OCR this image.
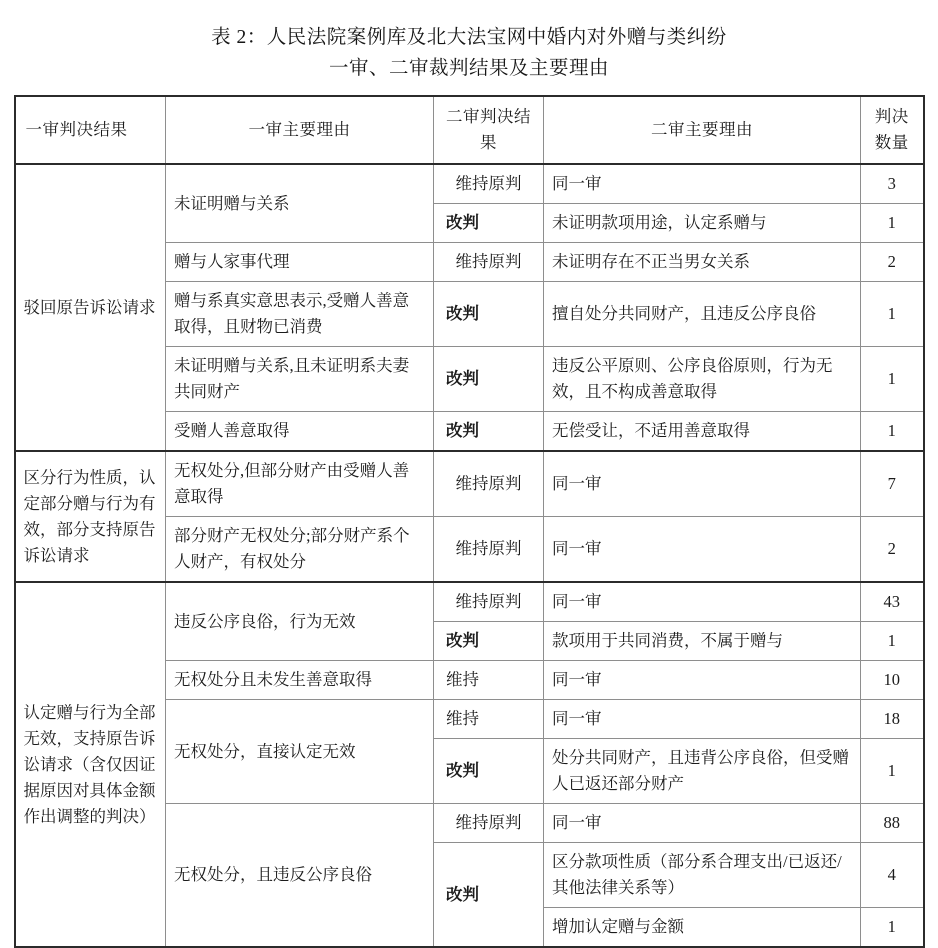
表 2：人民法院案例库及北大法宝网中婚内对外赠与类纠纷
一审、二审裁判结果及主要理由
一审判决结果	一审主要理由	二审判决结果	二审主要理由	判决数量
驳回原告诉讼请求	未证明赠与关系	维持原判	同一审	3
		改判	未证明款项用途，认定系赠与	1
	赠与人家事代理	维持原判	未证明存在不正当男女关系	2
	赠与系真实意思表示,受赠人善意取得，且财物已消费	改判	擅自处分共同财产，且违反公序良俗	1
	未证明赠与关系,且未证明系夫妻共同财产	改判	违反公平原则、公序良俗原则，行为无效，且不构成善意取得	1
	受赠人善意取得	改判	无偿受让，不适用善意取得	1
区分行为性质，认定部分赠与行为有效，部分支持原告诉讼请求	无权处分,但部分财产由受赠人善意取得	维持原判	同一审	7
	部分财产无权处分;部分财产系个人财产，有权处分	维持原判	同一审	2
认定赠与行为全部无效，支持原告诉讼请求（含仅因证据原因对具体金额作出调整的判决）	违反公序良俗，行为无效	维持原判	同一审	43
		改判	款项用于共同消费，不属于赠与	1
	无权处分且未发生善意取得	维持	同一审	10
	无权处分，直接认定无效	维持	同一审	18
		改判	处分共同财产，且违背公序良俗，但受赠人已返还部分财产	1
	无权处分，且违反公序良俗	维持原判	同一审	88
		改判	区分款项性质（部分系合理支出/已返还/其他法律关系等）	4
			增加认定赠与金额	1
